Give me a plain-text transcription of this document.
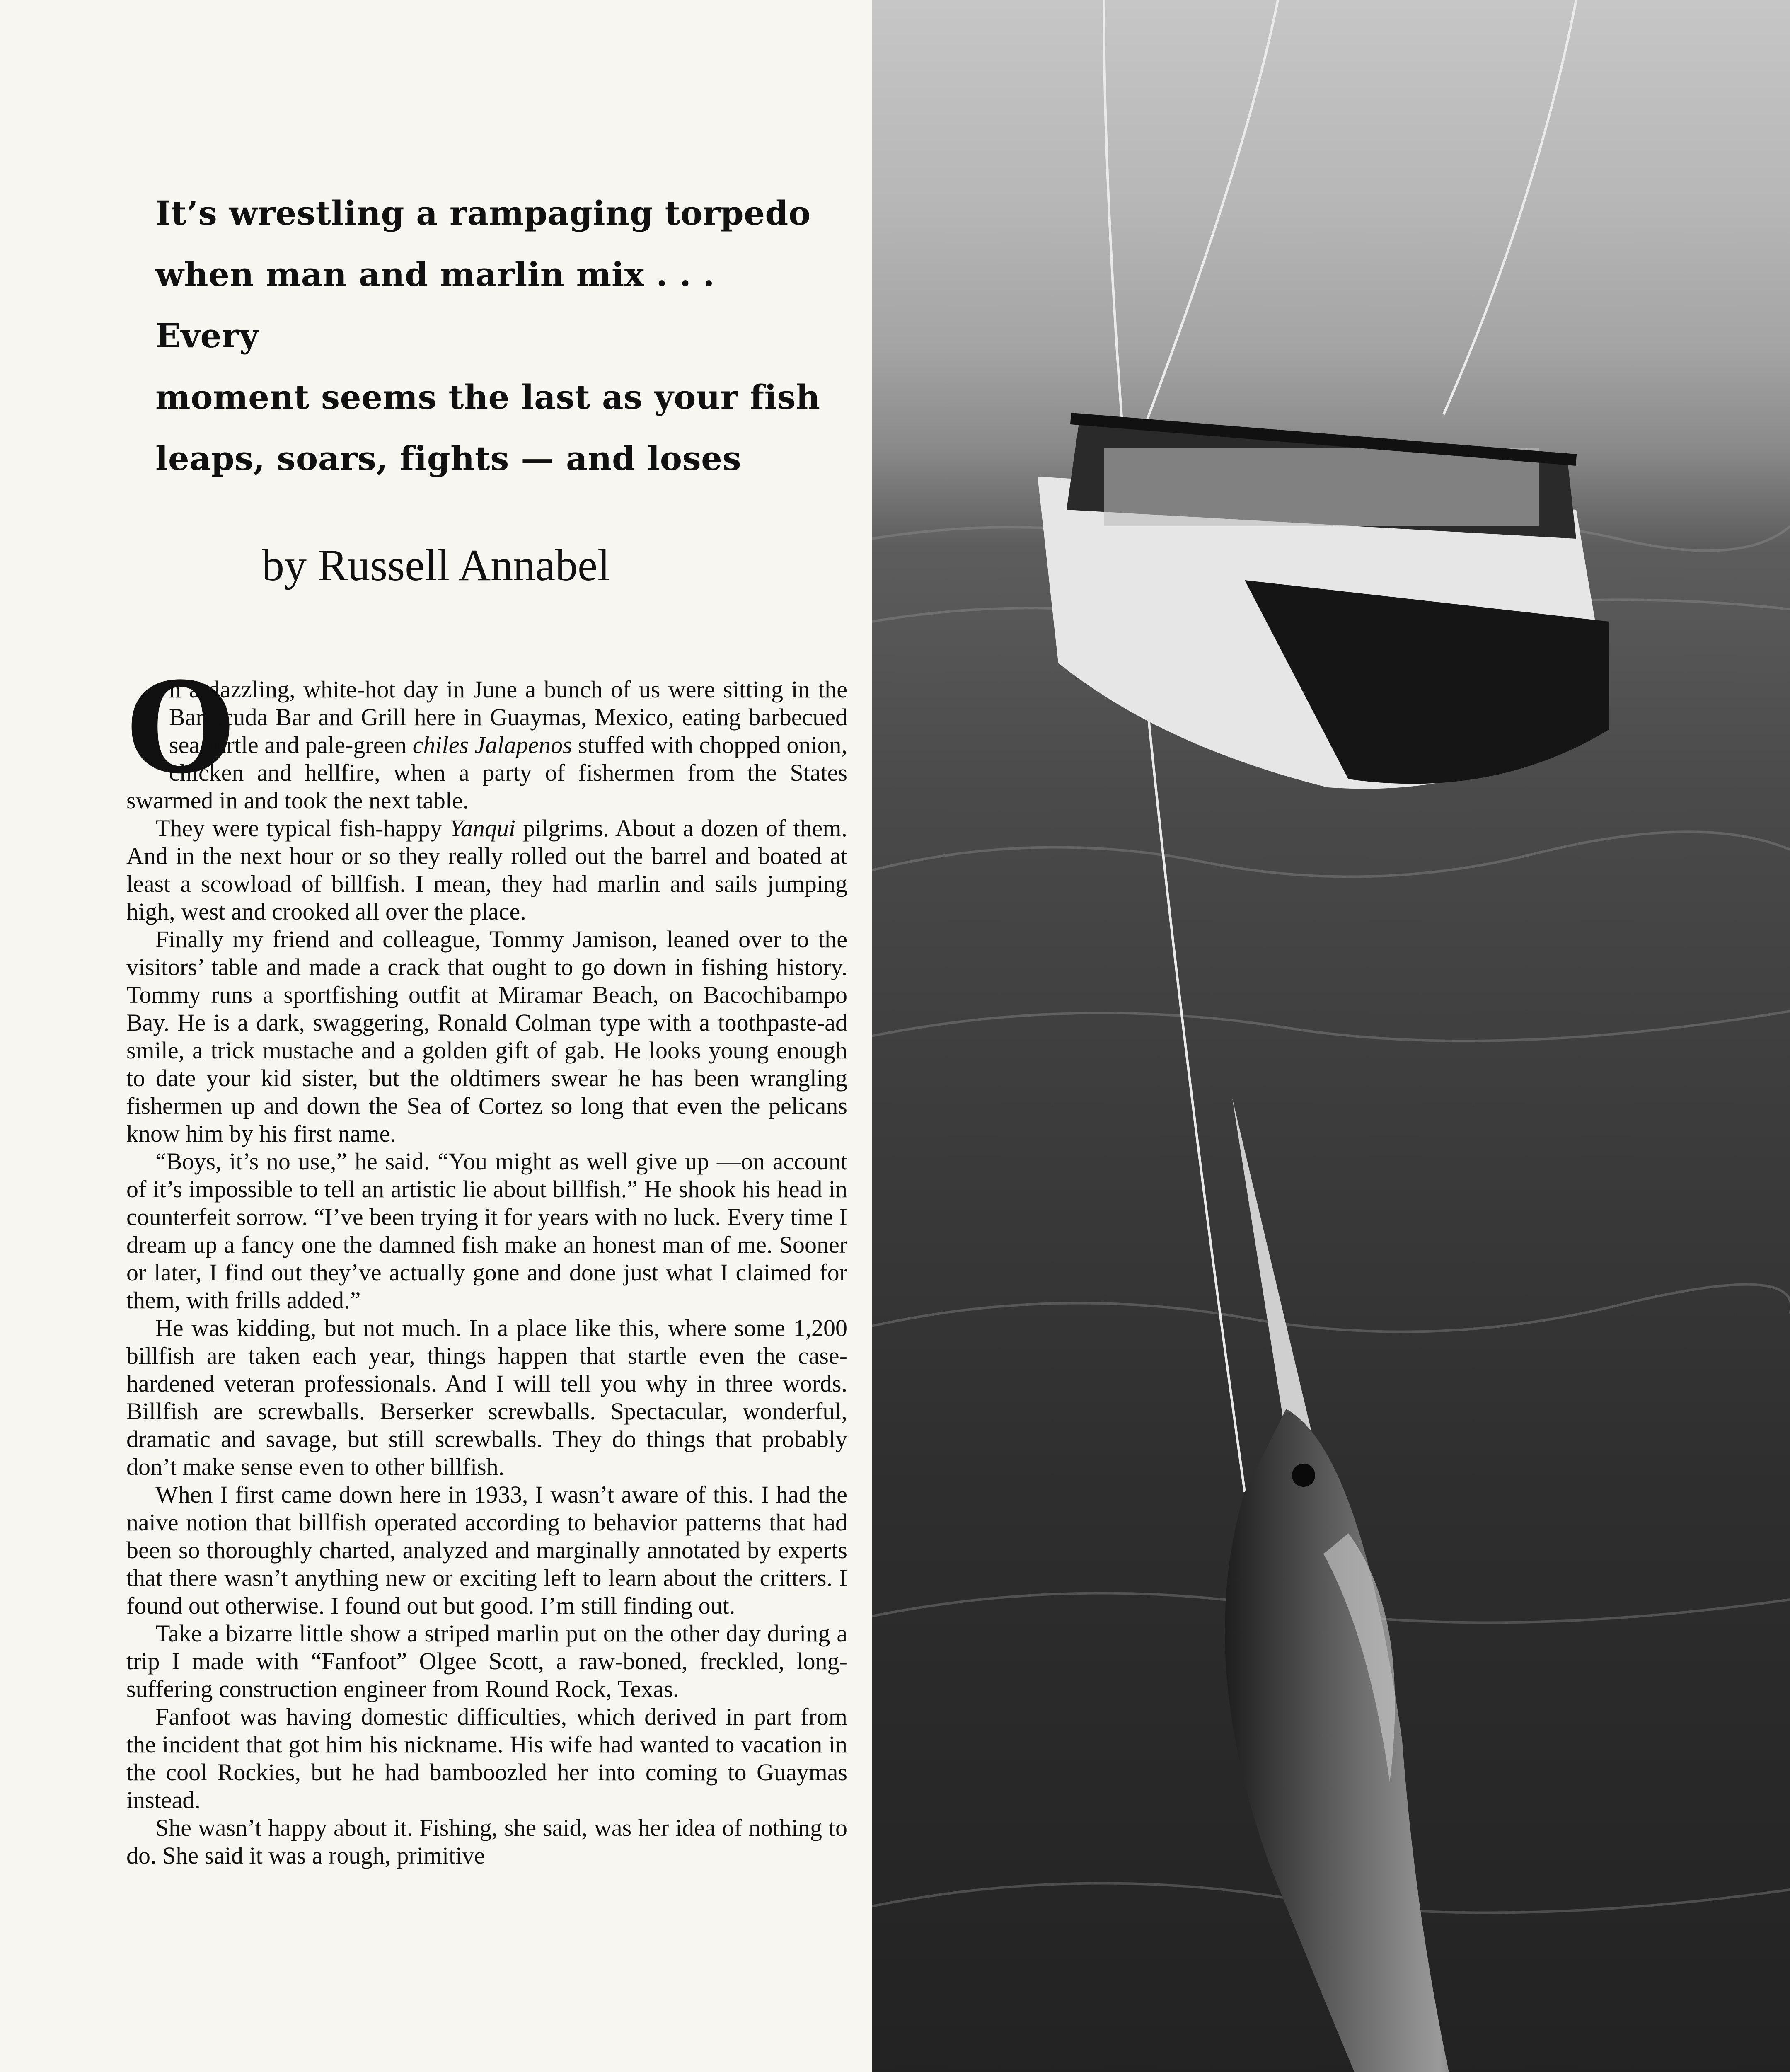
It’s wrestling a rampaging torpedo
when man and marlin mix . . . Every
moment seems the last as your fish
leaps, soars, fights — and loses
by Russell Annabel

O
n a dazzling, white-hot day in June a bunch of us were sitting in the Barracuda Bar and Grill here in Guaymas, Mexico, eating barbecued sea-turtle and pale-green chiles Jalapenos stuffed with chopped onion, chicken and hellfire, when a party of fishermen from the States swarmed in and took the next table.

They were typical fish-happy Yanqui pilgrims. About a dozen of them. And in the next hour or so they really rolled out the barrel and boated at least a scowload of billfish. I mean, they had marlin and sails jumping high, west and crooked all over the place.

Finally my friend and colleague, Tommy Jamison, leaned over to the visitors’ table and made a crack that ought to go down in fishing history. Tommy runs a sportfishing outfit at Miramar Beach, on Bacochibampo Bay. He is a dark, swaggering, Ronald Colman type with a toothpaste-ad smile, a trick mustache and a golden gift of gab. He looks young enough to date your kid sister, but the oldtimers swear he has been wrangling fishermen up and down the Sea of Cortez so long that even the pelicans know him by his first name.

“Boys, it’s no use,” he said. “You might as well give up —on account of it’s impossible to tell an artistic lie about billfish.” He shook his head in counterfeit sorrow. “I’ve been trying it for years with no luck. Every time I dream up a fancy one the damned fish make an honest man of me. Sooner or later, I find out they’ve actually gone and done just what I claimed for them, with frills added.”

He was kidding, but not much. In a place like this, where some 1,200 billfish are taken each year, things happen that startle even the case-hardened veteran professionals. And I will tell you why in three words. Billfish are screwballs. Berserker screwballs. Spectacular, wonderful, dramatic and savage, but still screwballs. They do things that probably don’t make sense even to other billfish.

When I first came down here in 1933, I wasn’t aware of this. I had the naive notion that billfish operated according to behavior patterns that had been so thoroughly charted, analyzed and marginally annotated by experts that there wasn’t anything new or exciting left to learn about the critters. I found out otherwise. I found out but good. I’m still finding out.

Take a bizarre little show a striped marlin put on the other day during a trip I made with “Fanfoot” Olgee Scott, a raw-boned, freckled, long-suffering construction engineer from Round Rock, Texas.

Fanfoot was having domestic difficulties, which derived in part from the incident that got him his nickname. His wife had wanted to vacation in the cool Rockies, but he had bamboozled her into coming to Guaymas instead.

She wasn’t happy about it. Fishing, she said, was her idea of nothing to do. She said it was a rough, primitive
